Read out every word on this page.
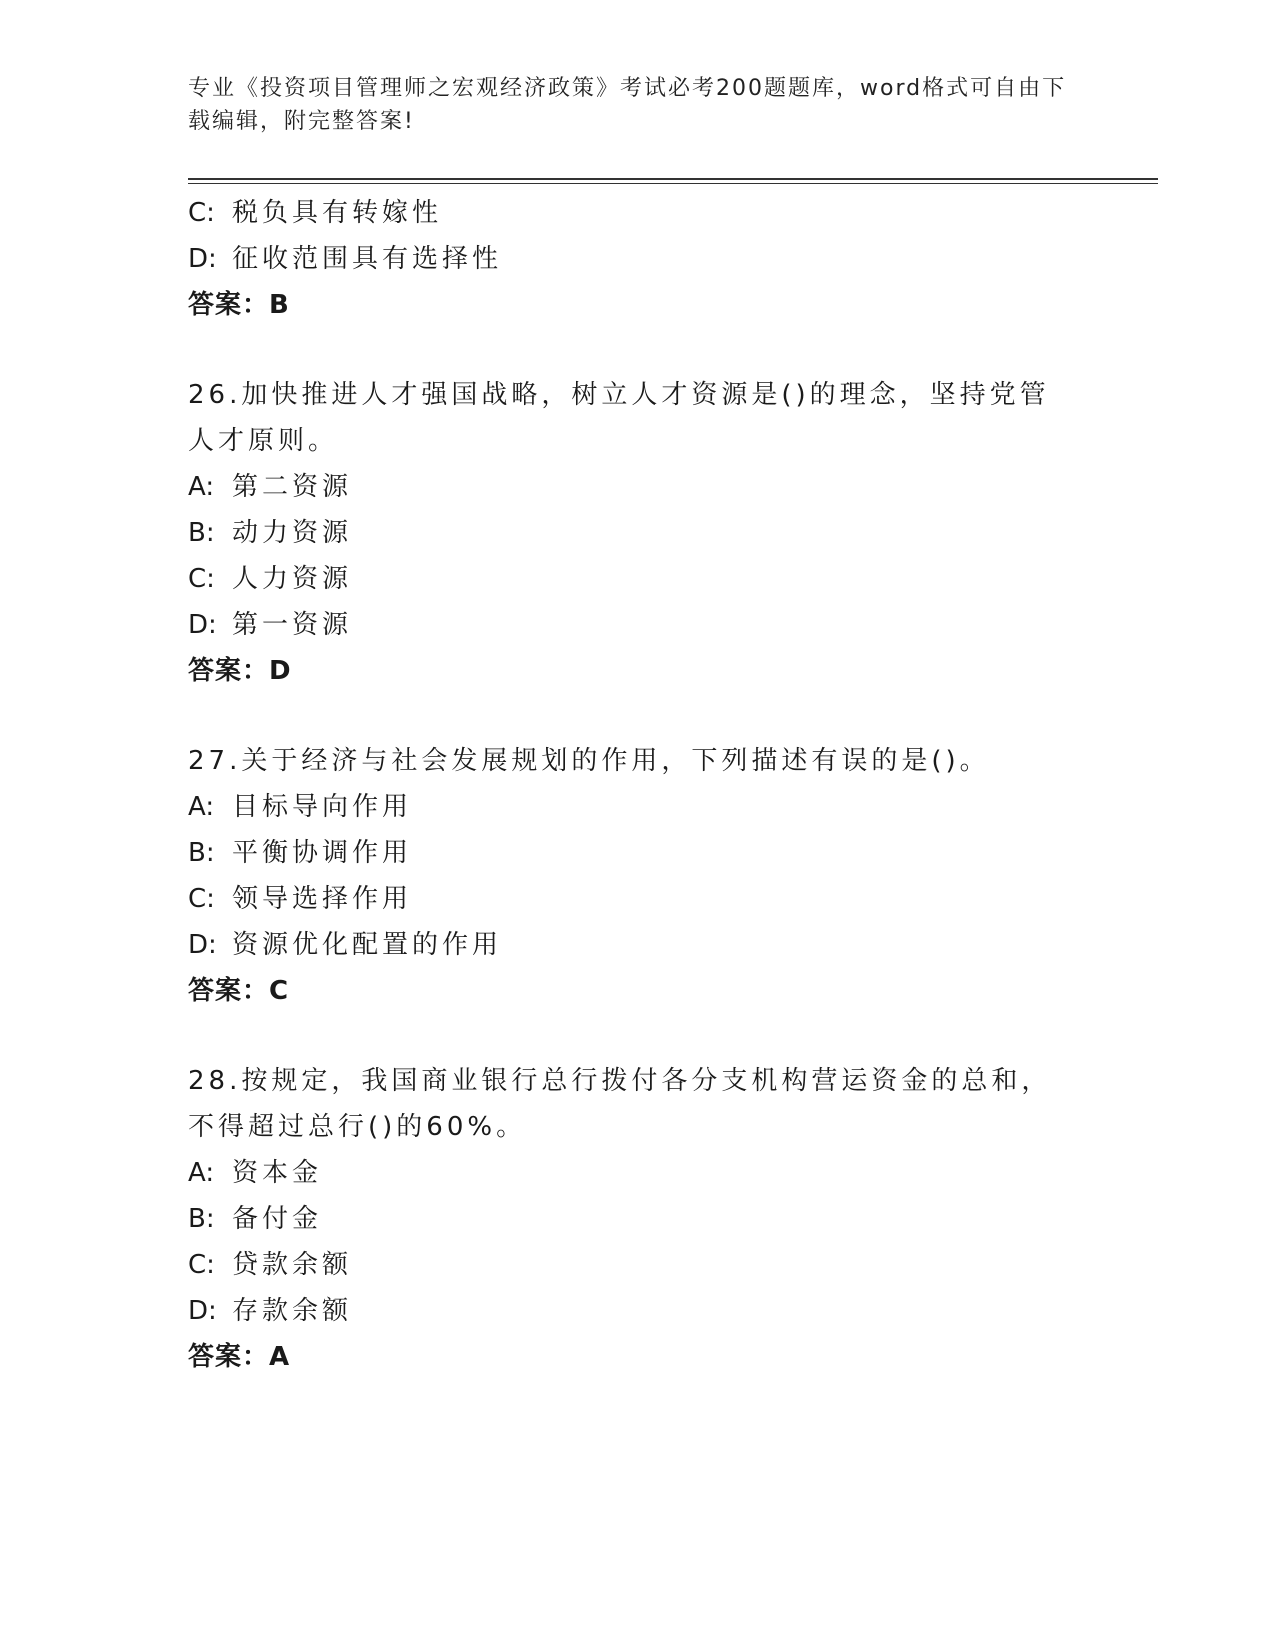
专业《投资项目管理师之宏观经济政策》考试必考200题题库，word格式可自由下载编辑，附完整答案!
C: 税负具有转嫁性
D: 征收范围具有选择性
答案：B
26.加快推进人才强国战略，树立人才资源是()的理念，坚持党管人才原则。
A: 第二资源
B: 动力资源
C: 人力资源
D: 第一资源
答案：D
27.关于经济与社会发展规划的作用，下列描述有误的是()。
A: 目标导向作用
B: 平衡协调作用
C: 领导选择作用
D: 资源优化配置的作用
答案：C
28.按规定，我国商业银行总行拨付各分支机构营运资金的总和，不得超过总行()的60%。
A: 资本金
B: 备付金
C: 贷款余额
D: 存款余额
答案：A
